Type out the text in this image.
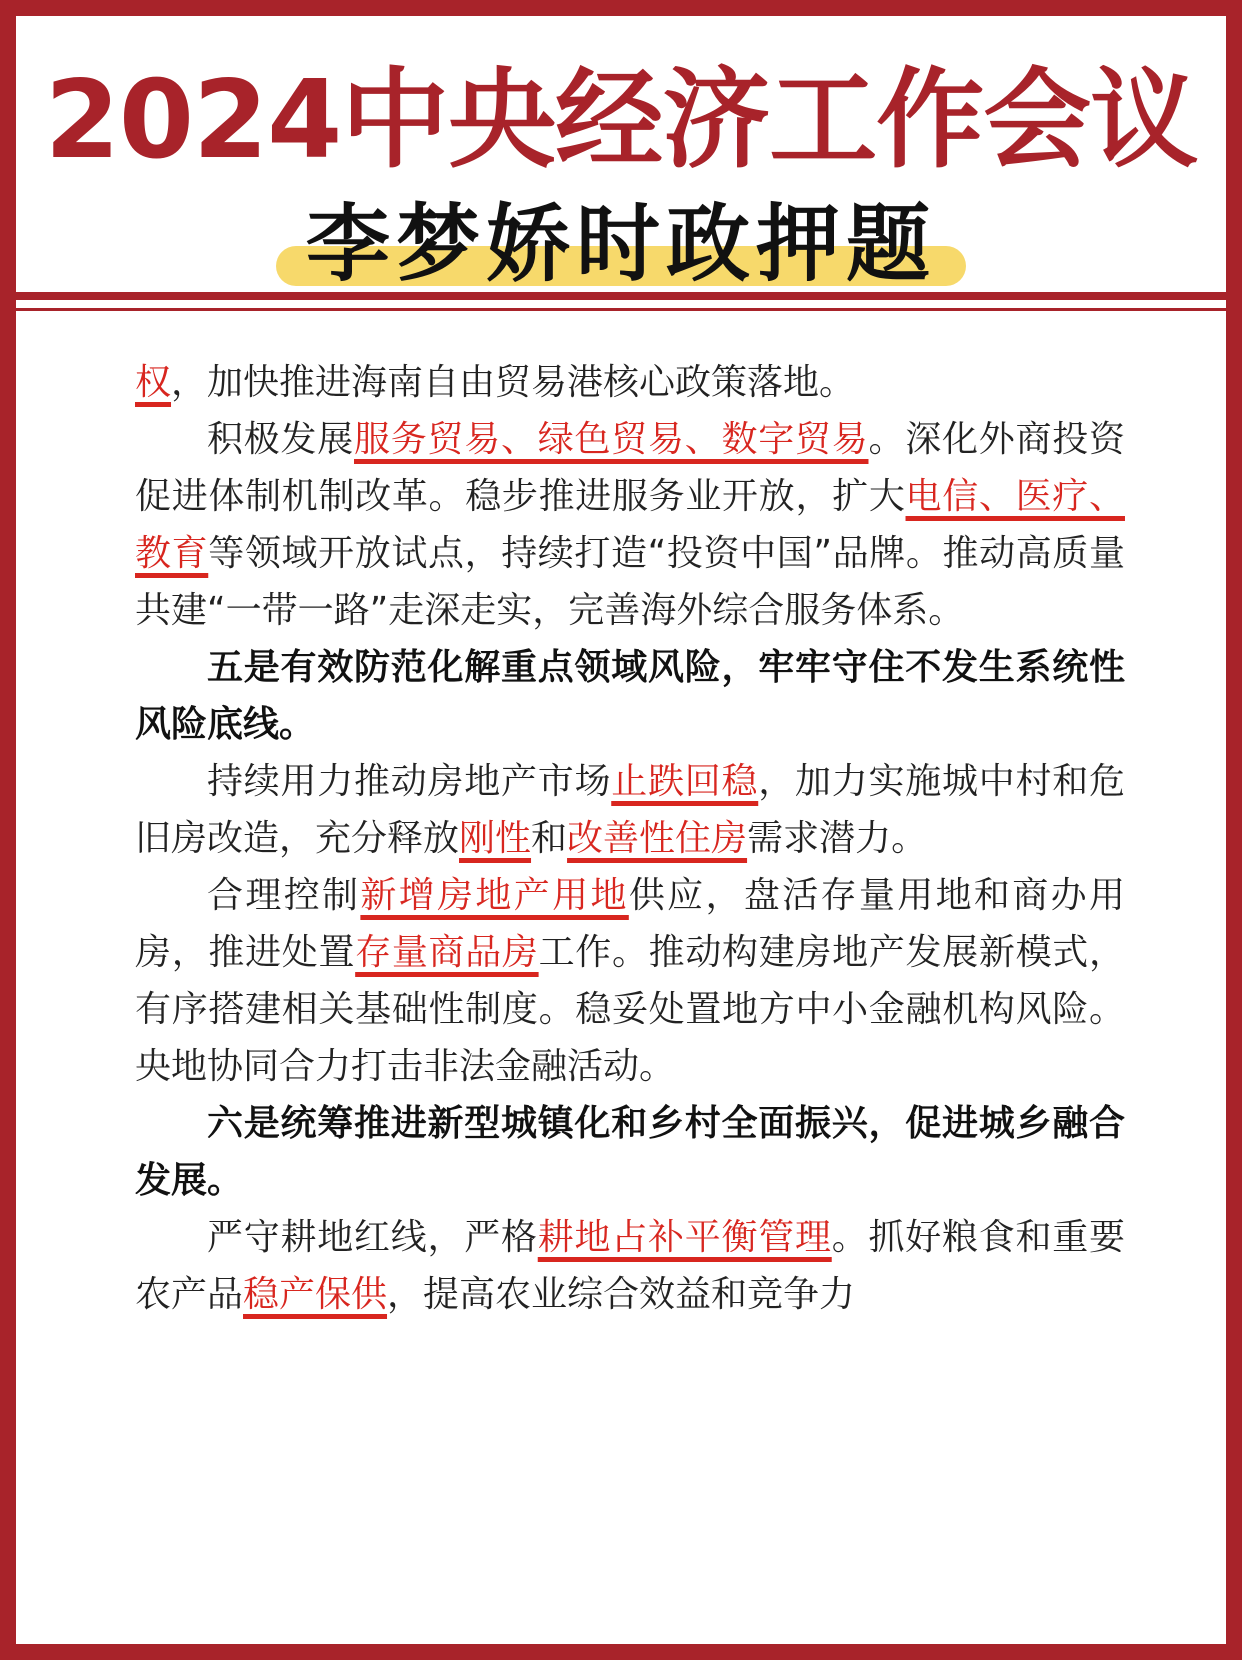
2024中央经济工作会议
李梦娇时政押题

权，加快推进海南自由贸易港核心政策落地。

积极发展服务贸易、绿色贸易、数字贸易。深化外商投资促进体制机制改革。稳步推进服务业开放，扩大电信、医疗、教育等领域开放试点，持续打造“投资中国”品牌。推动高质量共建“一带一路”走深走实，完善海外综合服务体系。

五是有效防范化解重点领域风险，牢牢守住不发生系统性风险底线。

持续用力推动房地产市场止跌回稳，加力实施城中村和危旧房改造，充分释放刚性和改善性住房需求潜力。

合理控制新增房地产用地供应，盘活存量用地和商办用房，推进处置存量商品房工作。推动构建房地产发展新模式，有序搭建相关基础性制度。稳妥处置地方中小金融机构风险。央地协同合力打击非法金融活动。

六是统筹推进新型城镇化和乡村全面振兴，促进城乡融合发展。

严守耕地红线，严格耕地占补平衡管理。抓好粮食和重要农产品稳产保供，提高农业综合效益和竞争力
